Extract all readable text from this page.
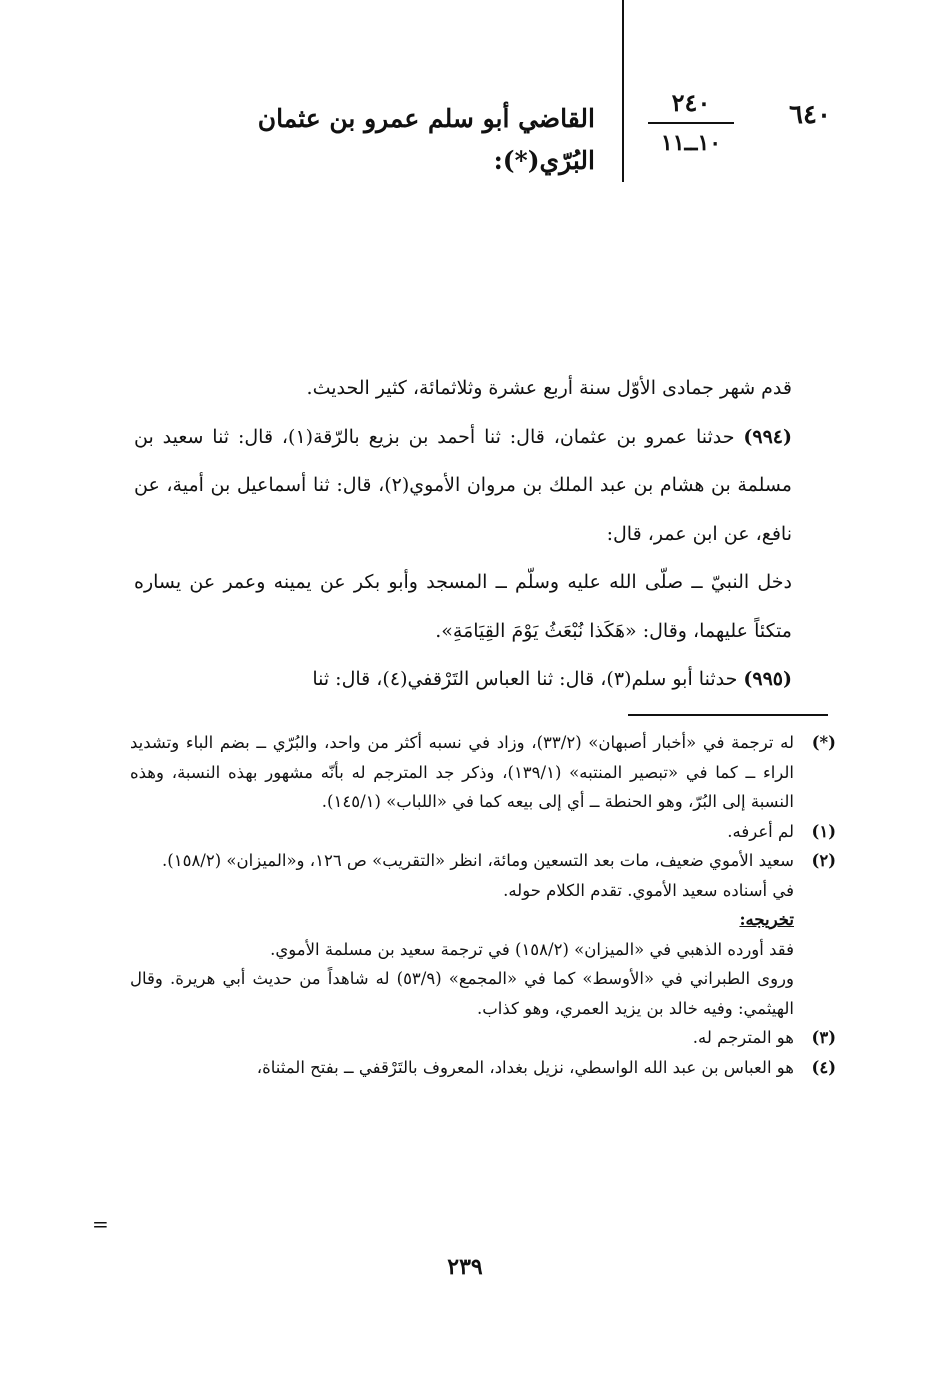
٦٤٠
٢٤٠
١٠ــ١١
القاضي أبو سلم عمرو بن عثمان
البُرّي(*):

قدم شهر جمادى الأوّل سنة أربع عشرة وثلاثمائة، كثير الحديث.

(٩٩٤) حدثنا عمرو بن عثمان، قال: ثنا أحمد بن بزيع بالرّقة(١)، قال: ثنا سعيد بن مسلمة بن هشام بن عبد الملك بن مروان الأموي(٢)، قال: ثنا أسماعيل بن أمية، عن نافع، عن ابن عمر، قال:

دخل النبيّ ــ صلّى الله عليه وسلّم ــ المسجد وأبو بكر عن يمينه وعمر عن يساره متكئاً عليهما، وقال: «هَكَذا نُبْعَثُ يَوْمَ القِيَامَةِ».

(٩٩٥) حدثنا أبو سلم(٣)، قال: ثنا العباس التَرْقفي(٤)، قال: ثنا

(*)
له ترجمة في «أخبار أصبهان» (٣٣/٢)، وزاد في نسبه أكثر من واحد، والبُرّي ــ بضم الباء وتشديد الراء ــ كما في «تبصير المنتبه» (١٣٩/١)، وذكر جد المترجم له بأنّه مشهور بهذه النسبة، وهذه النسبة إلى البُرّ، وهو الحنطة ــ أي إلى بيعه كما في «اللباب» (١٤٥/١).
(١)
لم أعرفه.
(٢)
سعيد الأموي ضعيف، مات بعد التسعين ومائة، انظر «التقريب» ص ١٢٦، و«الميزان» (١٥٨/٢).

في أسناده سعيد الأموي. تقدم الكلام حوله.

تخريجه:

فقد أورده الذهبي في «الميزان» (١٥٨/٢) في ترجمة سعيد بن مسلمة الأموي.

وروى الطبراني في «الأوسط» كما في «المجمع» (٥٣/٩) له شاهداً من حديث أبي هريرة. وقال الهيثمي: وفيه خالد بن يزيد العمري، وهو كذاب.

(٣)
هو المترجم له.
(٤)
هو العباس بن عبد الله الواسطي، نزيل بغداد، المعروف بالتَرْقفي ــ بفتح المثناة،
=
٢٣٩
